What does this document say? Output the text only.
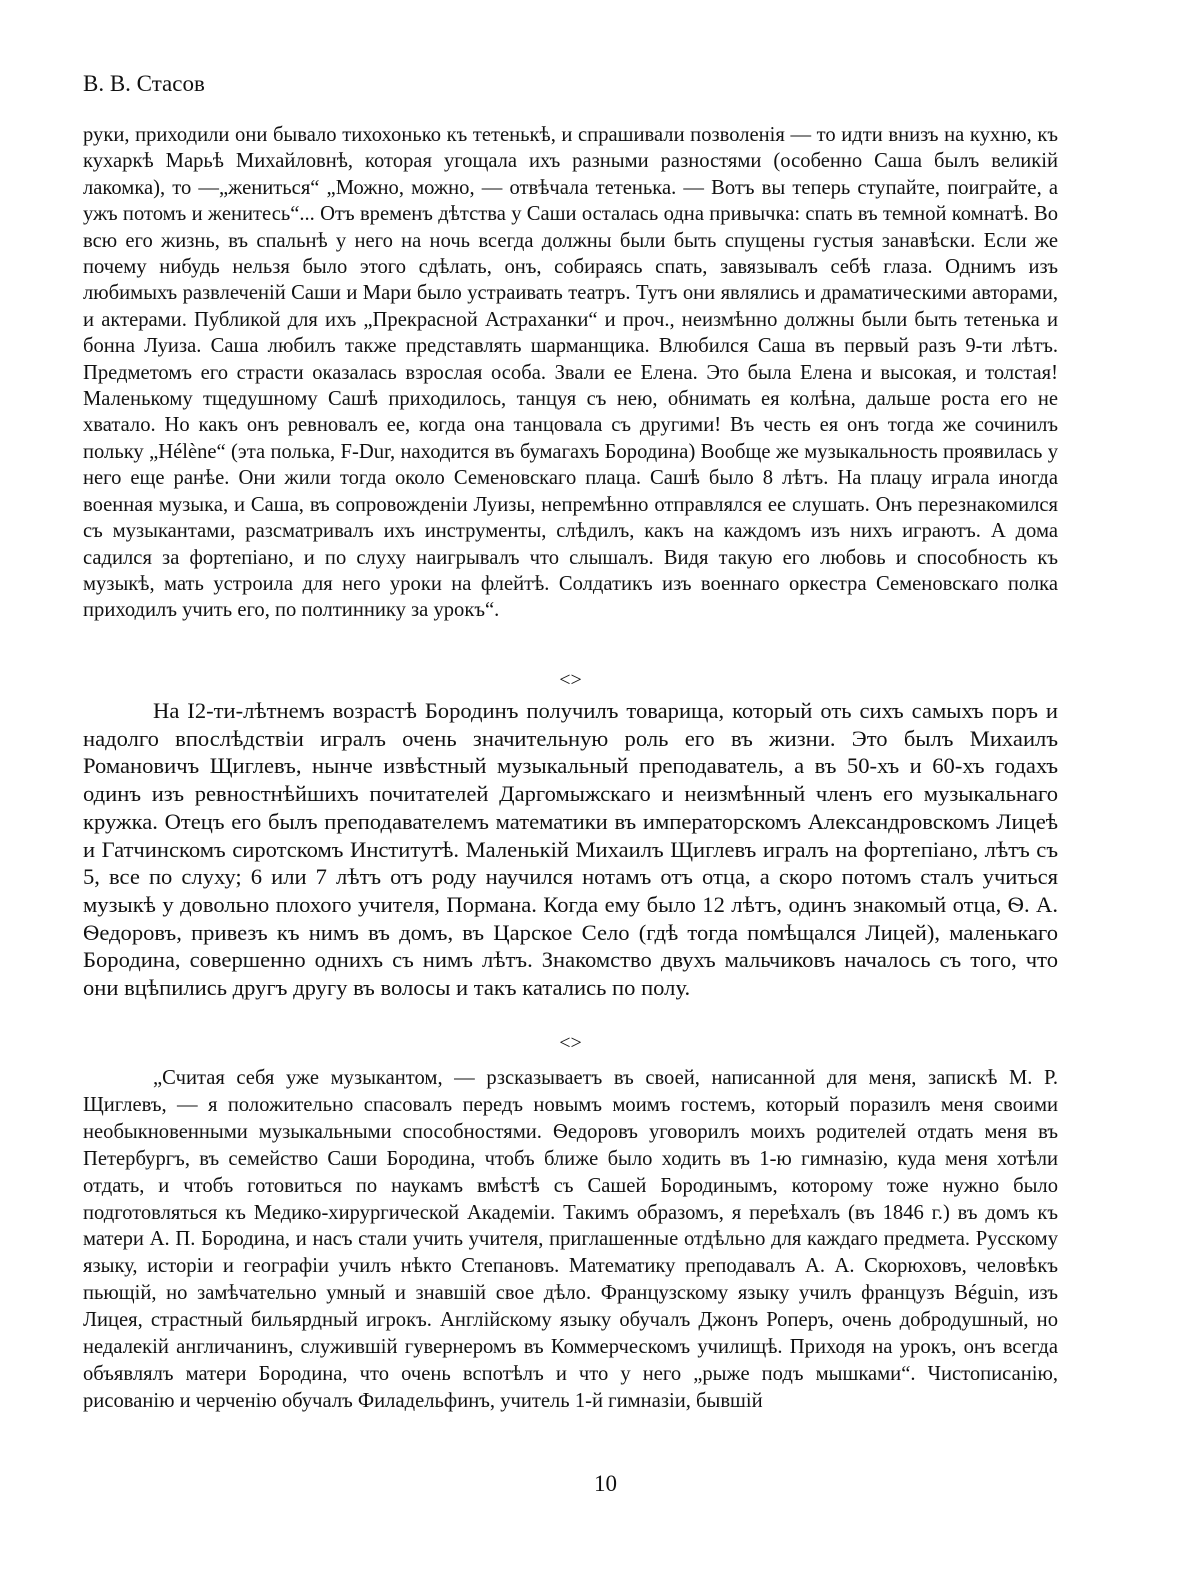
В. В. Стасов

руки, приходили они бывало тихохонько къ тетенькѣ, и спрашивали позволенія — то идти внизъ на кухню, къ кухаркѣ Марьѣ Михайловнѣ, которая угощала ихъ разными разностями (особенно Саша былъ великій лакомка), то —„жениться“ „Можно, можно, — отвѣчала тетенька. — Вотъ вы теперь ступайте, поиграйте, а ужъ потомъ и женитесь“... Отъ временъ дѣтства у Саши осталась одна привычка: спать въ темной комнатѣ. Во всю его жизнь, въ спальнѣ у него на ночь всегда должны были быть спущены густыя занавѣски. Если же почему нибудь нельзя было этого сдѣлать, онъ, собираясь спать, завязывалъ себѣ глаза. Однимъ изъ любимыхъ развлеченій Саши и Мари было устраивать театръ. Тутъ они являлись и драматическими авторами, и актерами. Публикой для ихъ „Прекрасной Астраханки“ и проч., неизмѣнно должны были быть тетенька и бонна Луиза. Саша любилъ также представлять шарманщика. Влюбился Саша въ первый разъ 9-ти лѣтъ. Предметомъ его страсти оказалась взрослая особа. Звали ее Елена. Это была Елена и высокая, и толстая! Маленькому тщедушному Сашѣ приходилось, танцуя съ нею, обнимать ея колѣна, дальше роста его не хватало. Но какъ онъ ревновалъ ее, когда она танцовала съ другими! Въ честь ея онъ тогда же сочинилъ польку „Hélène“ (эта полька, F-Dur, находится въ бумагахъ Бородина) Вообще же музыкальность проявилась у него еще ранѣе. Они жили тогда около Семеновскаго плаца. Сашѣ было 8 лѣтъ. На плацу играла иногда военная музыка, и Саша, въ сопровожденіи Луизы, непремѣнно отправлялся ее слушать. Онъ перезнакомился съ музыкантами, разсматривалъ ихъ инструменты, слѣдилъ, какъ на каждомъ изъ нихъ играютъ. А дома садился за фортепіано, и по слуху наигрывалъ что слышалъ. Видя такую его любовь и способность къ музыкѣ, мать устроила для него уроки на флейтѣ. Солдатикъ изъ военнаго оркестра Семеновскаго полка приходилъ учить его, по полтиннику за урокъ“.

<>

На I2-ти-лѣтнемъ возрастѣ Бородинъ получилъ товарища, который оть сихъ самыхъ поръ и надолго впослѣдствіи игралъ очень значительную роль его въ жизни. Это былъ Михаилъ Романовичъ Щиглевъ, нынче извѣстный музыкальный преподаватель, а въ 50-хъ и 60-хъ годахъ одинъ изъ ревностнѣйшихъ почитателей Даргомыжскаго и неизмѣнный членъ его музыкальнаго кружка. Отецъ его былъ преподавателемъ математики въ императорскомъ Александровскомъ Лицеѣ и Гатчинскомъ сиротскомъ Институтѣ. Маленькій Михаилъ Щиглевъ игралъ на фортепіано, лѣтъ съ 5, все по слуху; 6 или 7 лѣтъ отъ роду научился нотамъ отъ отца, а скоро потомъ сталъ учиться музыкѣ у довольно плохого учителя, Пормана. Когда ему было 12 лѣтъ, одинъ знакомый отца, Ѳ. А. Ѳедоровъ, привезъ къ нимъ въ домъ, въ Царское Село (гдѣ тогда помѣщался Лицей), маленькаго Бородина, совершенно однихъ съ нимъ лѣтъ. Знакомство двухъ мальчиковъ началось съ того, что они вцѣпились другъ другу въ волосы и такъ катались по полу.

<>

„Считая себя уже музыкантом, — рзсказываетъ въ своей, написанной для меня, запискѣ М. Р. Щиглевъ, — я положительно спасовалъ передъ новымъ моимъ гостемъ, который поразилъ меня своими необыкновенными музыкальными способностями. Ѳедоровъ уговорилъ моихъ родителей отдать меня въ Петербургъ, въ семейство Саши Бородина, чтобъ ближе было ходить въ 1-ю гимназію, куда меня хотѣли отдать, и чтобъ готовиться по наукамъ вмѣстѣ съ Сашей Бородинымъ, которому тоже нужно было подготовляться къ Медико-хирургической Академіи. Такимъ образомъ, я переѣхалъ (въ 1846 г.) въ домъ къ матери А. П. Бородина, и насъ стали учить учителя, приглашенные отдѣльно для каждаго предмета. Русскому языку, исторіи и географіи училъ нѣкто Степановъ. Математику преподавалъ А. А. Скорюховъ, человѣкъ пьющій, но замѣчательно умный и знавшій свое дѣло. Французскому языку училъ французъ Béguin, изъ Лицея, страстный бильярдный игрокъ. Англійскому языку обучалъ Джонъ Роперъ, очень добродушный, но недалекій англичанинъ, служившій гувернеромъ въ Коммерческомъ училищѣ. Приходя на урокъ, онъ всегда объявлялъ матери Бородина, что очень вспотѣлъ и что у него „рыже подъ мышками“. Чистописанію, рисованію и черченію обучалъ Филадельфинъ, учитель 1-й гимназіи, бывшій

10
